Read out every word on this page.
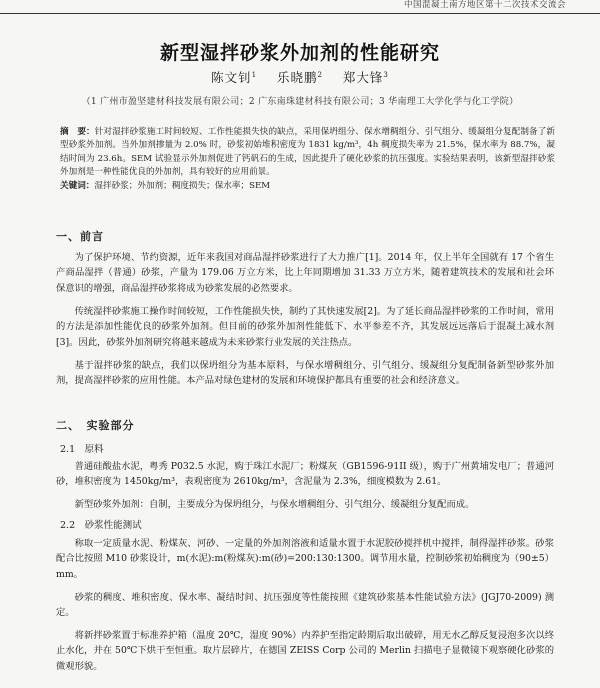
中国混凝土南方地区第十二次技术交流会
新型湿拌砂浆外加剂的性能研究
陈文钊$^1$ 乐晓鹏$^2$ 郑大锋$^3$
（1 广州市盈坚建材科技发展有限公司；2 广东南珠建材科技有限公司；3 华南理工大学化学与化工学院）
摘　要：针对湿拌砂浆施工时间较短、工作性能损失快的缺点，采用保坍组分、保水增稠组分、引气组分、缓凝组分复配制备了新型砂浆外加剂。当外加剂掺量为 2.0% 时，砂浆初始堆积密度为 1831 kg/m³，4h 稠度损失率为 21.5%，保水率为 88.7%，凝结时间为 23.6h。SEM 试验显示外加剂促进了钙矾石的生成，因此提升了硬化砂浆的抗压强度。实验结果表明，该新型湿拌砂浆外加剂是一种性能优良的外加剂，具有较好的应用前景。
关键词：湿拌砂浆；外加剂；稠度损失；保水率；SEM
一、前言
为了保护环境、节约资源，近年来我国对商品湿拌砂浆进行了大力推广[1]。2014 年，仅上半年全国就有 17 个省生产商品湿拌（普通）砂浆，产量为 179.06 万立方米，比上年同期增加 31.33 万立方米，随着建筑技术的发展和社会环保意识的增强，商品湿拌砂浆将成为砂浆发展的必然要求。
传统湿拌砂浆施工操作时间较短，工作性能损失快，制约了其快速发展[2]。为了延长商品湿拌砂浆的工作时间，常用的方法是添加性能优良的砂浆外加剂。但目前的砂浆外加剂性能低下、水平参差不齐，其发展远远落后于混凝土减水剂[3]。因此，砂浆外加剂研究将越来越成为未来砂浆行业发展的关注热点。
基于湿拌砂浆的缺点，我们以保坍组分为基本原料，与保水增稠组分、引气组分、缓凝组分复配制备新型砂浆外加剂，提高湿拌砂浆的应用性能。本产品对绿色建材的发展和环境保护都具有重要的社会和经济意义。
二、　实验部分
2.1　原料
普通硅酸盐水泥，粤秀 P032.5 水泥，购于珠江水泥厂；粉煤灰（GB1596-91II 级），购于广州黄埔发电厂；普通河砂，堆积密度为 1450kg/m³，表观密度为 2610kg/m³，含泥量为 2.3%，细度模数为 2.61。
新型砂浆外加剂：自制，主要成分为保坍组分，与保水增稠组分、引气组分、缓凝组分复配而成。
2.2　砂浆性能测试
称取一定质量水泥、粉煤灰、河砂、一定量的外加剂溶液和适量水置于水泥胶砂搅拌机中搅拌，制得湿拌砂浆。砂浆配合比按照 M10 砂浆设计，m(水泥):m(粉煤灰):m(砂)=200:130:1300。调节用水量，控制砂浆初始稠度为（90±5）mm。
砂浆的稠度、堆积密度、保水率、凝结时间、抗压强度等性能按照《建筑砂浆基本性能试验方法》(JGJ70-2009) 测定。
将新拌砂浆置于标准养护箱（温度 20℃，湿度 90%）内养护至指定龄期后取出破碎，用无水乙醇反复浸泡多次以终止水化，并在 50℃下烘干至恒重。取片层碎片，在德国 ZEISS Corp 公司的 Merlin 扫描电子显微镜下观察硬化砂浆的微观形貌。
